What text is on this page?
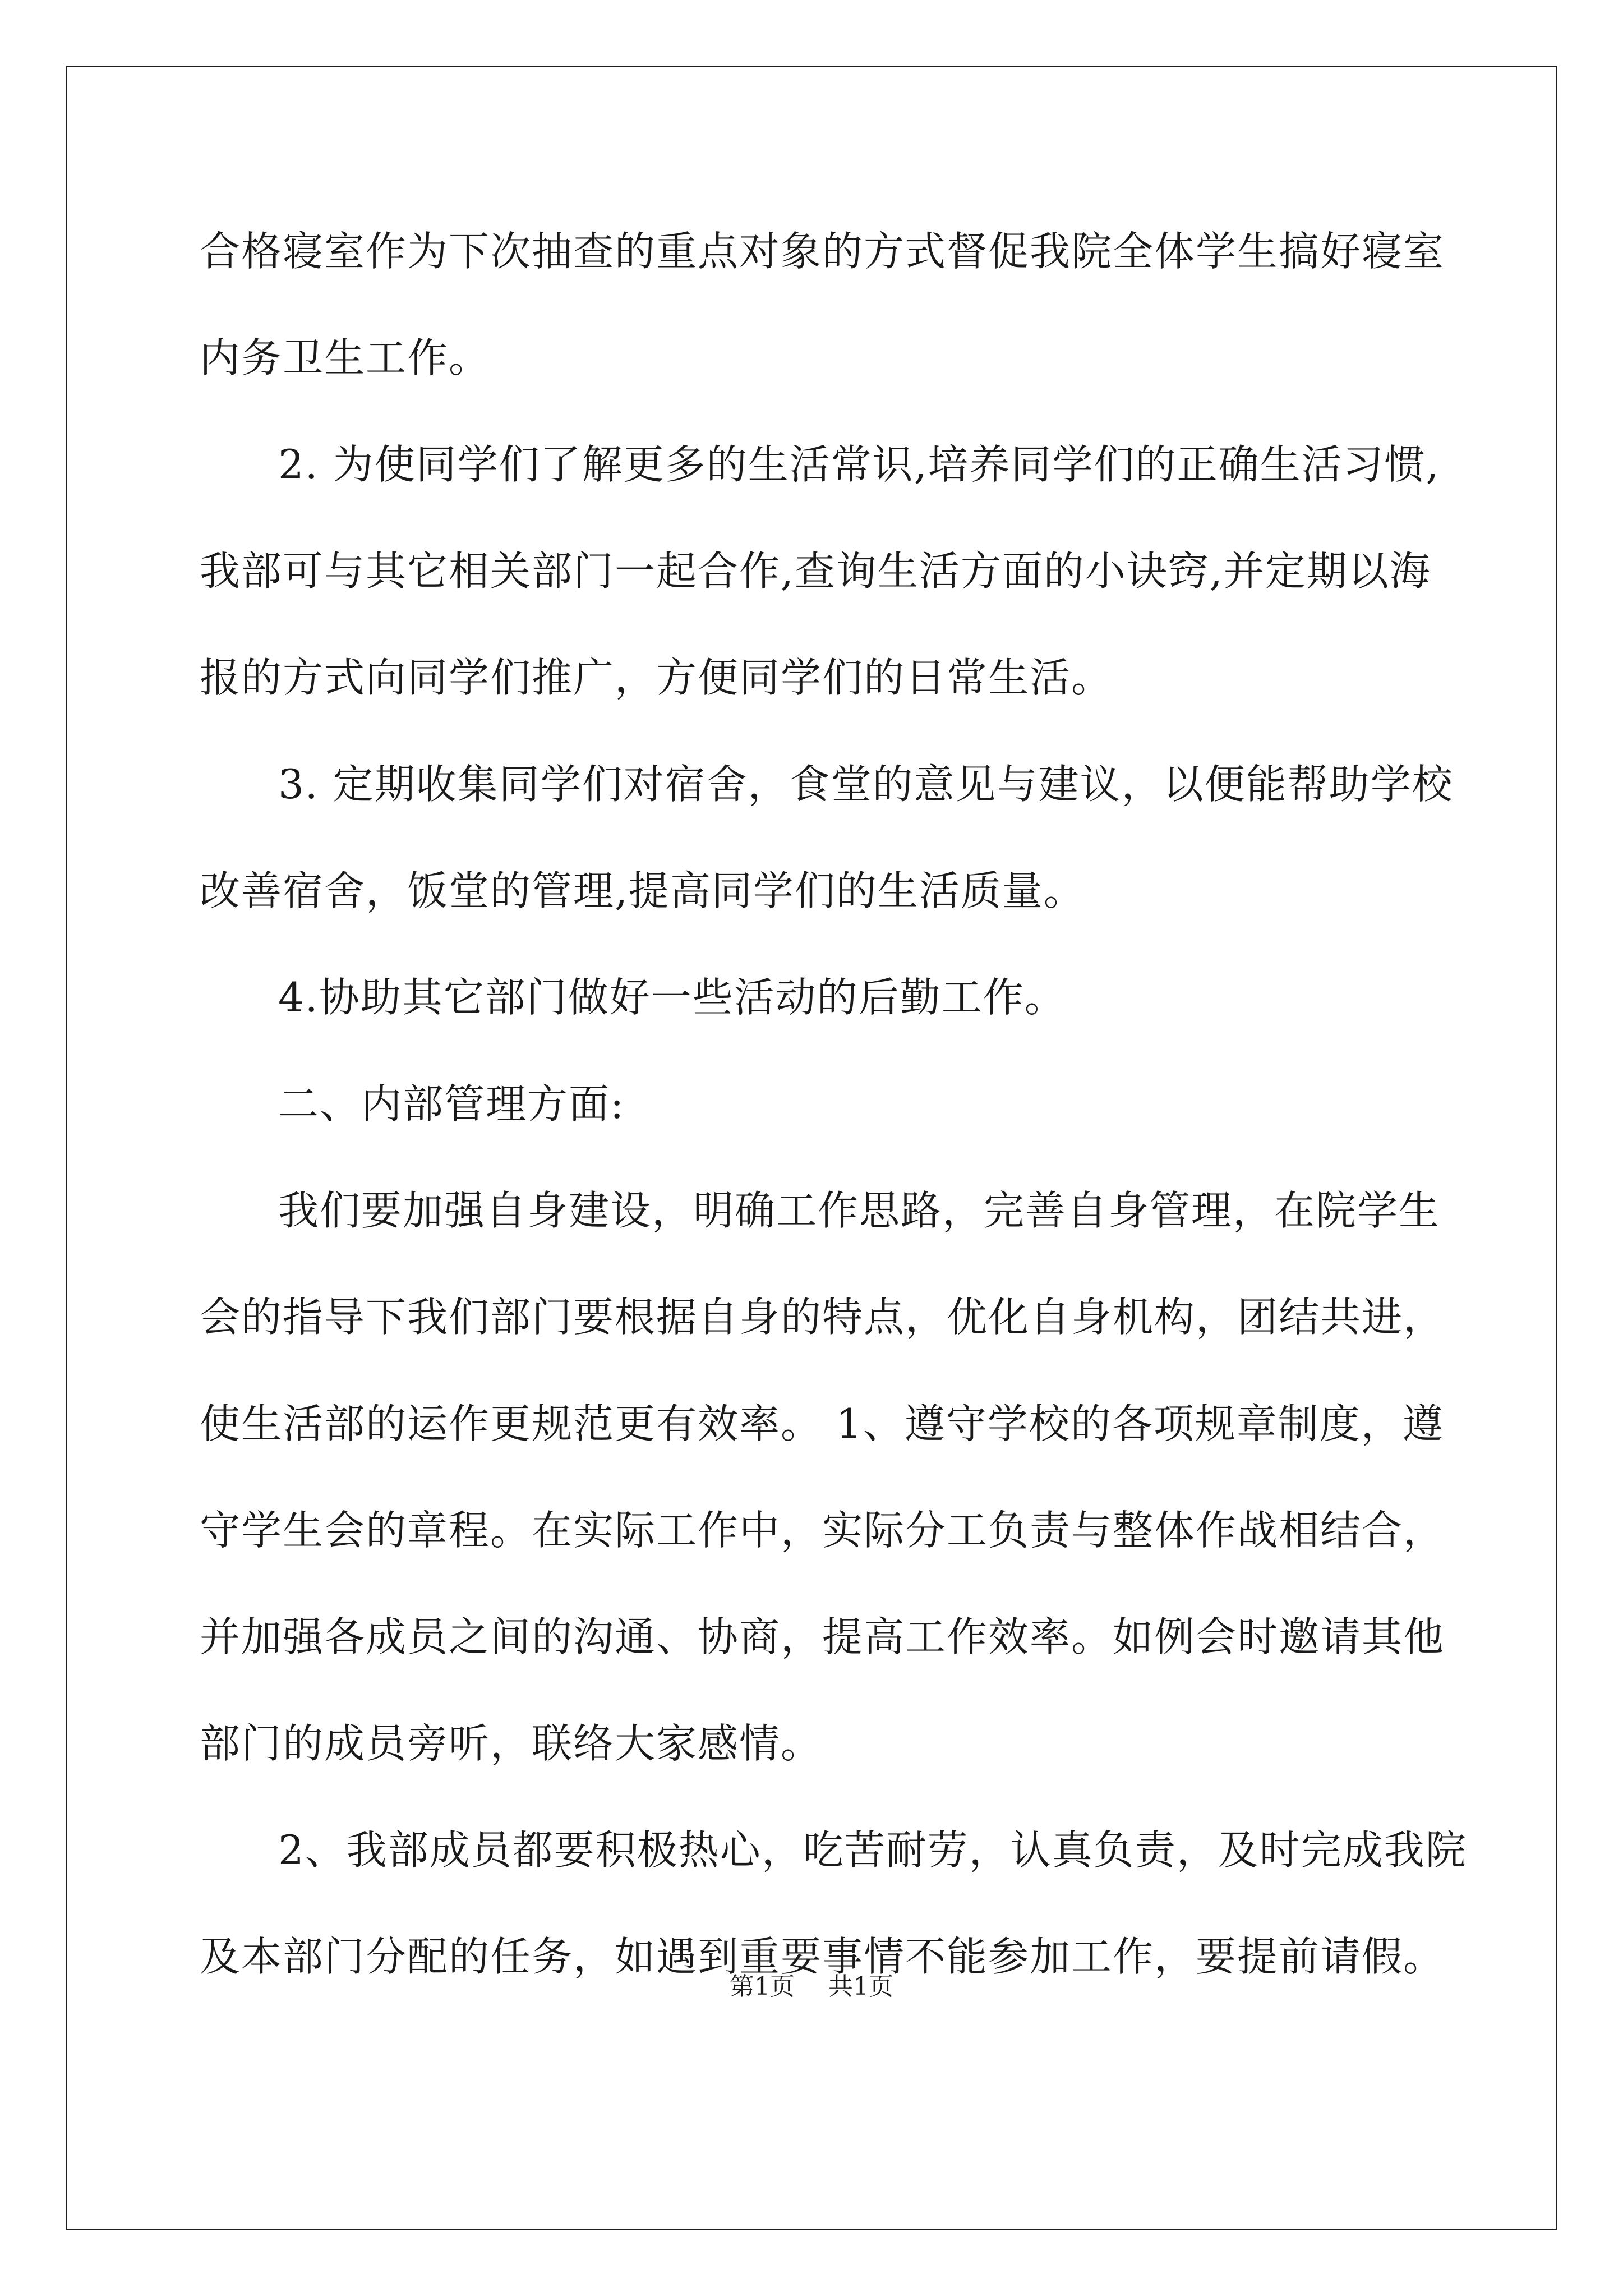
合格寝室作为下次抽查的重点对象的方式督促我院全体学生搞好寝室
内务卫生工作。
2. 为使同学们了解更多的生活常识,培养同学们的正确生活习惯,
我部可与其它相关部门一起合作,查询生活方面的小诀窍,并定期以海
报的方式向同学们推广，方便同学们的日常生活。
3. 定期收集同学们对宿舍，食堂的意见与建议，以便能帮助学校
改善宿舍，饭堂的管理,提高同学们的生活质量。
4.协助其它部门做好一些活动的后勤工作。
二、内部管理方面:
我们要加强自身建设，明确工作思路，完善自身管理，在院学生
会的指导下我们部门要根据自身的特点，优化自身机构，团结共进，
使生活部的运作更规范更有效率。 1、遵守学校的各项规章制度，遵
守学生会的章程。在实际工作中，实际分工负责与整体作战相结合，
并加强各成员之间的沟通、协商，提高工作效率。如例会时邀请其他
部门的成员旁听，联络大家感情。
2、我部成员都要积极热心，吃苦耐劳，认真负责，及时完成我院
及本部门分配的任务，如遇到重要事情不能参加工作，要提前请假。
第1页 共1页
